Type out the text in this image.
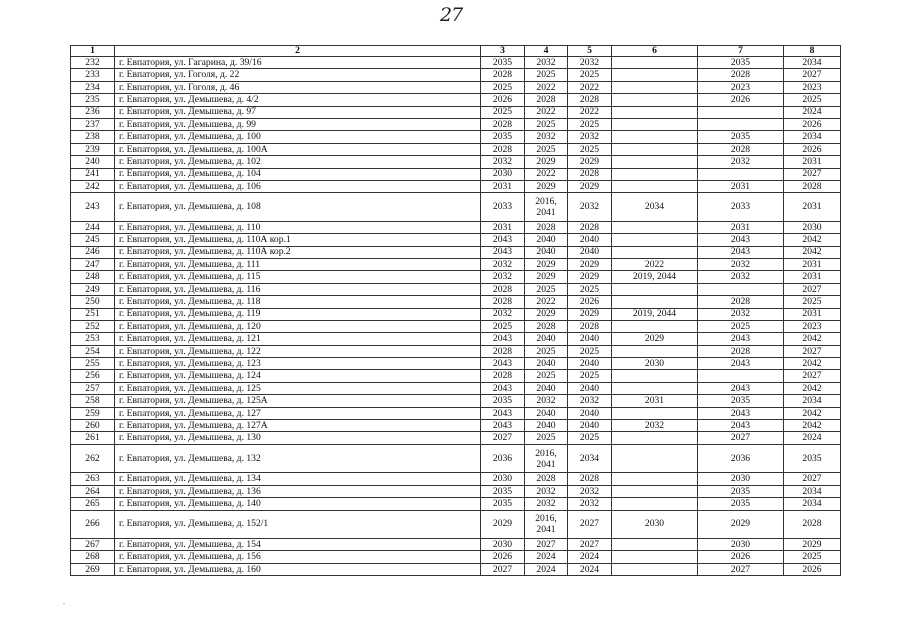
27
1	2	3	4	5	6	7	8
232	г. Евпатория, ул. Гагарина, д. 39/16	2035	2032	2032		2035	2034
233	г. Евпатория, ул. Гоголя, д. 22	2028	2025	2025		2028	2027
234	г. Евпатория, ул. Гоголя, д. 46	2025	2022	2022		2023	2023
235	г. Евпатория, ул. Демышева, д. 4/2	2026	2028	2028		2026	2025
236	г. Евпатория, ул. Демышева, д. 97	2025	2022	2022			2024
237	г. Евпатория, ул. Демышева, д. 99	2028	2025	2025			2026
238	г. Евпатория, ул. Демышева, д. 100	2035	2032	2032		2035	2034
239	г. Евпатория, ул. Демышева, д. 100А	2028	2025	2025		2028	2026
240	г. Евпатория, ул. Демышева, д. 102	2032	2029	2029		2032	2031
241	г. Евпатория, ул. Демышева, д. 104	2030	2022	2028			2027
242	г. Евпатория, ул. Демышева, д. 106	2031	2029	2029		2031	2028
243	г. Евпатория, ул. Демышева, д. 108	2033	2016, 2041	2032	2034	2033	2031
244	г. Евпатория, ул. Демышева, д. 110	2031	2028	2028		2031	2030
245	г. Евпатория, ул. Демышева, д. 110А кор.1	2043	2040	2040		2043	2042
246	г. Евпатория, ул. Демышева, д. 110А кор.2	2043	2040	2040		2043	2042
247	г. Евпатория, ул. Демышева, д. 111	2032	2029	2029	2022	2032	2031
248	г. Евпатория, ул. Демышева, д. 115	2032	2029	2029	2019, 2044	2032	2031
249	г. Евпатория, ул. Демышева, д. 116	2028	2025	2025			2027
250	г. Евпатория, ул. Демышева, д. 118	2028	2022	2026		2028	2025
251	г. Евпатория, ул. Демышева, д. 119	2032	2029	2029	2019, 2044	2032	2031
252	г. Евпатория, ул. Демышева, д. 120	2025	2028	2028		2025	2023
253	г. Евпатория, ул. Демышева, д. 121	2043	2040	2040	2029	2043	2042
254	г. Евпатория, ул. Демышева, д. 122	2028	2025	2025		2028	2027
255	г. Евпатория, ул. Демышева, д. 123	2043	2040	2040	2030	2043	2042
256	г. Евпатория, ул. Демышева, д. 124	2028	2025	2025			2027
257	г. Евпатория, ул. Демышева, д. 125	2043	2040	2040		2043	2042
258	г. Евпатория, ул. Демышева, д. 125А	2035	2032	2032	2031	2035	2034
259	г. Евпатория, ул. Демышева, д. 127	2043	2040	2040		2043	2042
260	г. Евпатория, ул. Демышева, д. 127А	2043	2040	2040	2032	2043	2042
261	г. Евпатория, ул. Демышева, д. 130	2027	2025	2025		2027	2024
262	г. Евпатория, ул. Демышева, д. 132	2036	2016, 2041	2034		2036	2035
263	г. Евпатория, ул. Демышева, д. 134	2030	2028	2028		2030	2027
264	г. Евпатория, ул. Демышева, д. 136	2035	2032	2032		2035	2034
265	г. Евпатория, ул. Демышева, д. 140	2035	2032	2032		2035	2034
266	г. Евпатория, ул. Демышева, д. 152/1	2029	2016, 2041	2027	2030	2029	2028
267	г. Евпатория, ул. Демышева, д. 154	2030	2027	2027		2030	2029
268	г. Евпатория, ул. Демышева, д. 156	2026	2024	2024		2026	2025
269	г. Евпатория, ул. Демышева, д. 160	2027	2024	2024		2027	2026
